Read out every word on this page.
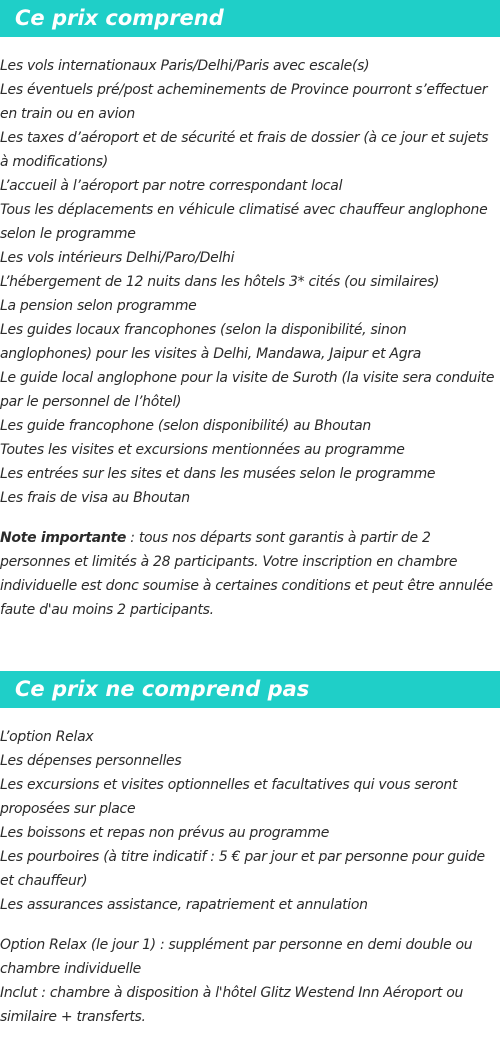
Ce prix comprend

Les vols internationaux Paris/Delhi/Paris avec escale(s)

Les éventuels pré/post acheminements de Province pourront s’effectuer en train ou en avion

Les taxes d’aéroport et de sécurité et frais de dossier (à ce jour et sujets à modifications)

L’accueil à l’aéroport par notre correspondant local

Tous les déplacements en véhicule climatisé avec chauffeur anglophone selon le programme

Les vols intérieurs Delhi/Paro/Delhi

L’hébergement de 12 nuits dans les hôtels 3* cités (ou similaires)

La pension selon programme

Les guides locaux francophones (selon la disponibilité, sinon anglophones) pour les visites à Delhi, Mandawa, Jaipur et Agra

Le guide local anglophone pour la visite de Suroth (la visite sera conduite par le personnel de l’hôtel)

Les guide francophone (selon disponibilité) au Bhoutan

Toutes les visites et excursions mentionnées au programme

Les entrées sur les sites et dans les musées selon le programme

Les frais de visa au Bhoutan

Note importante : tous nos départs sont garantis à partir de 2 personnes et limités à 28 participants. Votre inscription en chambre individuelle est donc soumise à certaines conditions et peut être annulée faute d'au moins 2 participants.

Ce prix ne comprend pas

L’option Relax

Les dépenses personnelles

Les excursions et visites optionnelles et facultatives qui vous seront proposées sur place

Les boissons et repas non prévus au programme

Les pourboires (à titre indicatif : 5 € par jour et par personne pour guide et chauffeur)

Les assurances assistance, rapatriement et annulation

Option Relax (le jour 1) : supplément par personne en demi double ou chambre individuelle

Inclut : chambre à disposition à l'hôtel Glitz Westend Inn Aéroport ou similaire + transferts.
